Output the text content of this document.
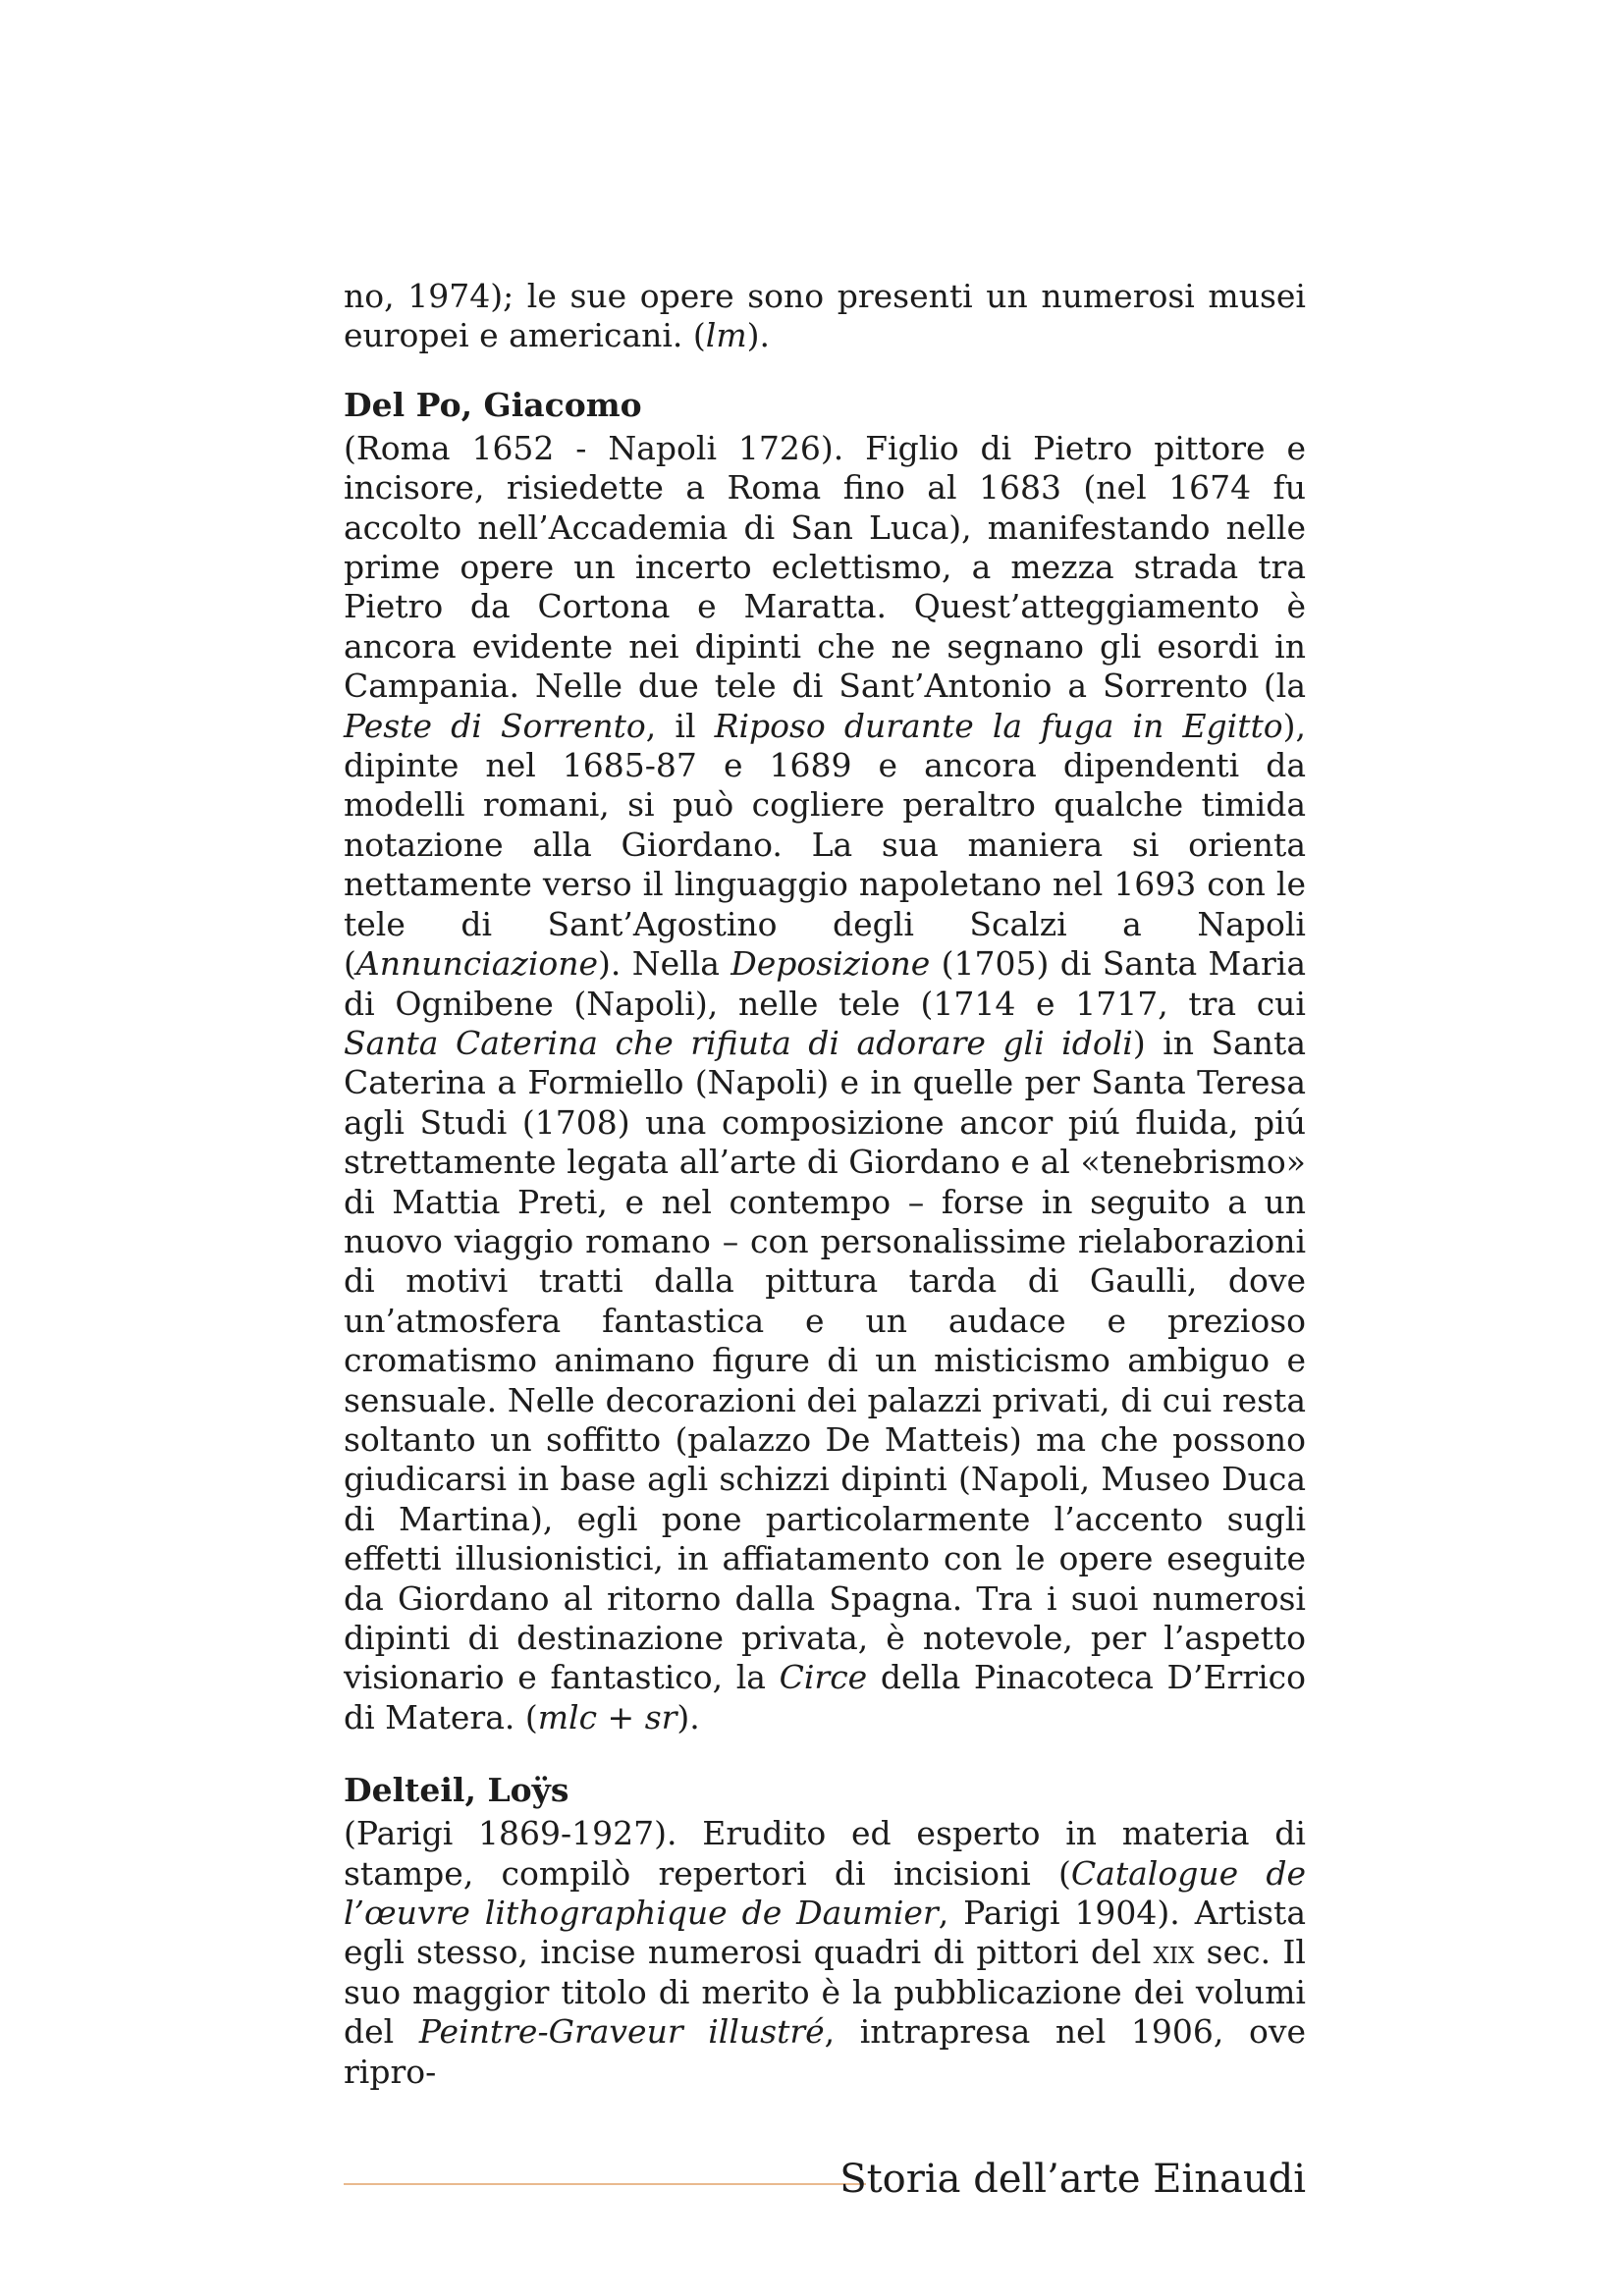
no, 1974); le sue opere sono presenti un numerosi musei europei e americani. (lm).

Del Po, Giacomo

(Roma 1652 - Napoli 1726). Figlio di Pietro pittore e incisore, risiedette a Roma fino al 1683 (nel 1674 fu accolto nell’Accademia di San Luca), manifestando nelle prime opere un incerto eclettismo, a mezza strada tra Pietro da Cortona e Maratta. Quest’atteggiamento è ancora evidente nei dipinti che ne segnano gli esordi in Campania. Nelle due tele di Sant’Antonio a Sorrento (la Peste di Sorrento, il Riposo durante la fuga in Egitto), dipinte nel 1685-87 e 1689 e ancora dipendenti da modelli romani, si può cogliere peraltro qualche timida notazione alla Giordano. La sua maniera si orienta nettamente verso il linguaggio napoletano nel 1693 con le tele di Sant’Agostino degli Scalzi a Napoli (Annunciazione). Nella Deposizione (1705) di Santa Maria di Ognibene (Napoli), nelle tele (1714 e 1717, tra cui Santa Caterina che rifiuta di adorare gli idoli) in Santa Caterina a Formiello (Napoli) e in quelle per Santa Teresa agli Studi (1708) una composizione ancor piú fluida, piú strettamente legata all’arte di Giordano e al «tenebrismo» di Mattia Preti, e nel contempo – forse in seguito a un nuovo viaggio romano – con personalissime rielaborazioni di motivi tratti dalla pittura tarda di Gaulli, dove un’atmosfera fantastica e un audace e prezioso cromatismo animano figure di un misticismo ambiguo e sensuale. Nelle decorazioni dei palazzi privati, di cui resta soltanto un soffitto (palazzo De Matteis) ma che possono giudicarsi in base agli schizzi dipinti (Napoli, Museo Duca di Martina), egli pone particolarmente l’accento sugli effetti illusionistici, in affiatamento con le opere eseguite da Giordano al ritorno dalla Spagna. Tra i suoi numerosi dipinti di destinazione privata, è notevole, per l’aspetto visionario e fantastico, la Circe della Pinacoteca D’Errico di Matera. (mlc + sr).

Delteil, Loÿs

(Parigi 1869-1927). Erudito ed esperto in materia di stampe, compilò repertori di incisioni (Catalogue de l’œuvre lithographique de Daumier, Parigi 1904). Artista egli stesso, incise numerosi quadri di pittori del xix sec. Il suo maggior titolo di merito è la pubblicazione dei volumi del Peintre-Graveur illustré, intrapresa nel 1906, ove ripro-

Storia dell’arte Einaudi
